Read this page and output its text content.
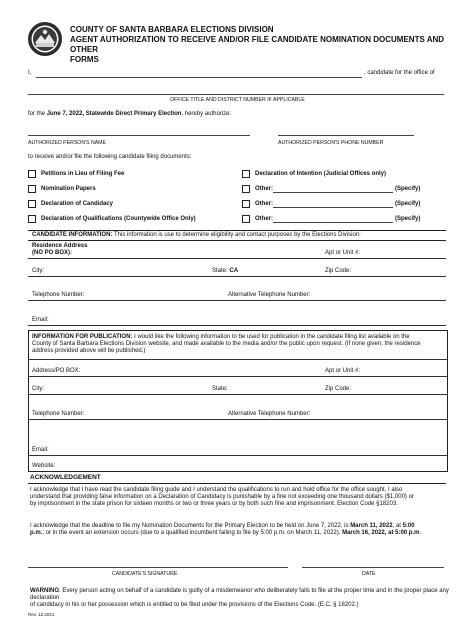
COUNTY OF SANTA BARBARA ELECTIONS DIVISION
AGENT AUTHORIZATION TO RECEIVE AND/OR FILE CANDIDATE NOMINATION DOCUMENTS AND OTHER
FORMS
I,	, candidate for the office of
OFFICE TITLE AND DISTRICT NUMBER IF APPLICABLE
for the June 7, 2022, Statewide Direct Primary Election, hereby authorize:
AUTHORIZED PERSON'S NAME	AUTHORIZED PERSON'S PHONE NUMBER
to receive and/or file the following candidate filing documents:
Petitions in Lieu of Filing Fee
Nomination Papers
Declaration of Candidacy
Declaration of Qualifications (Countywide Office Only)
Declaration of Intention (Judicial Offices only)
Other:	(Specify)
Other:	(Specify)
Other:	(Specify)
CANDIDATE INFORMATION: This information is use to determine eligibility and contact purposes by the Elections Division:
Residence Address
(NO PO BOX):	Apt or Unit #:
City:	State: CA	Zip Code:
Telephone Number:	Alternative Telephone Number:
Email:
INFORMATION FOR PUBLICATION: I would like the following information to be used for publication in the candidate filing list available on the
County of Santa Barbara Elections Division website, and made available to the media and/or the public upon request. (If none given, the residence
address provided above will be published.)
Address/PO BOX:	Apt or Unit #:
City:	State:	Zip Code:
Telephone Number:	Alternative Telephone Number:
Email:
Website:
ACKNOWLEDGEMENT
I acknowledge that I have read the candidate filing guide and I understand the qualifications to run and hold office for the office sought. I also
understand that providing false information on a Declaration of Candidacy is punishable by a fine not exceeding one thousand dollars ($1,000) or
by imprisonment in the state prison for sixteen months or two or three years or by both such fine and imprisonment. Election Code §18203.
I acknowledge that the deadline to file my Nomination Documents for the Primary Election to be held on June 7, 2022, is March 11, 2022, at 5:00
p.m.; or in the event an extension occurs (due to a qualified incumbent failing to file by 5:00 p.m. on March 11, 2022), March 16, 2022, at 5:00 p.m.
CANDIDATE'S SIGNATURE	DATE
WARNING: Every person acting on behalf of a candidate is guilty of a misdemeanor who deliberately fails to file at the proper time and in the proper place any declaration
of candidacy in his or her possession which is entitled to be filed under the provisions of the Elections Code. (E.C. § 18202.)
Rev. 12.2021
